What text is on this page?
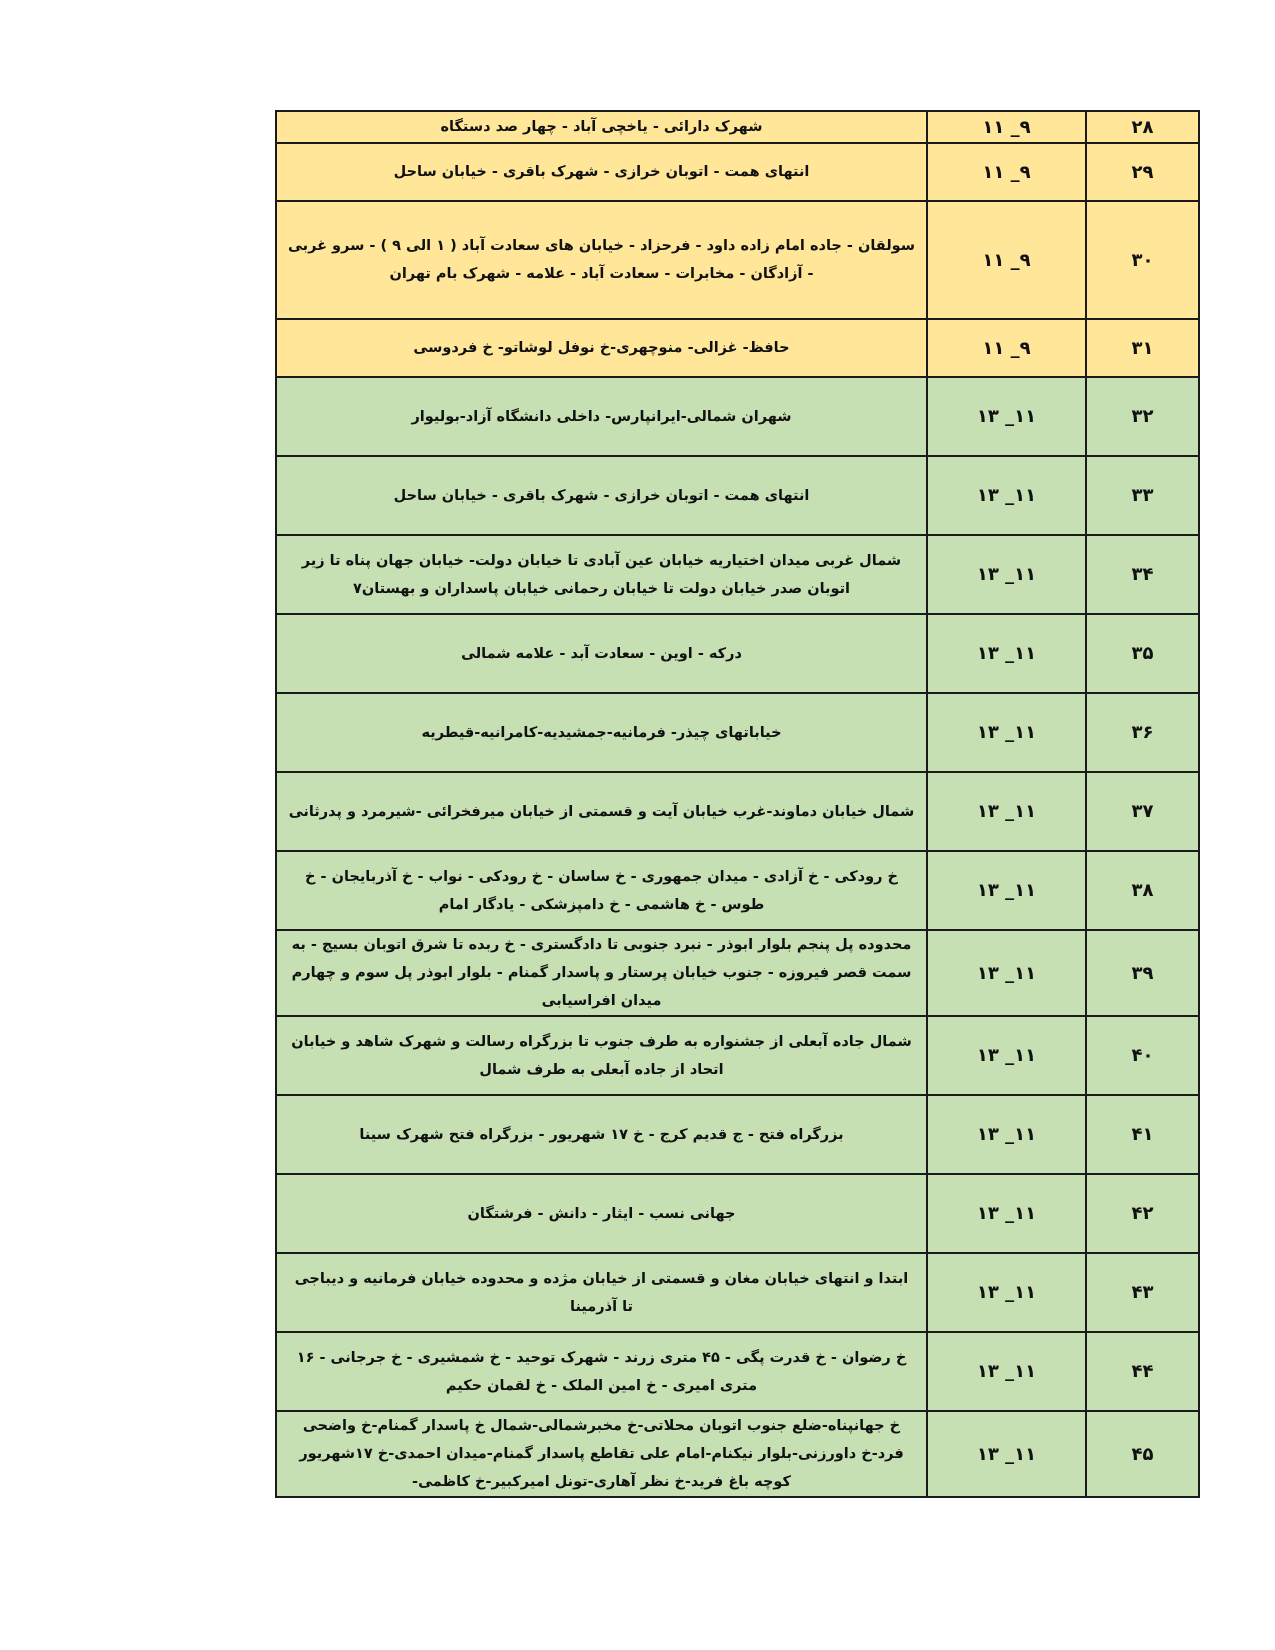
شهرک دارائی - یاخچی آباد - چهار صد دستگاه	۱۱ _۹	۲۸
انتهای همت - اتوبان خرازی - شهرک باقری - خیابان ساحل	۱۱ _۹	۲۹
سولقان - جاده امام زاده داود - فرحزاد - خیابان های سعادت آباد ( ۱ الی ۹ ) - سرو غربی - آزادگان - مخابرات - سعادت آباد - علامه - شهرک بام تهران	۱۱ _۹	۳۰
حافظ- غزالی- منوچهری-خ نوفل لوشاتو- خ فردوسی	۱۱ _۹	۳۱
شهران شمالی-ایرانپارس- داخلی دانشگاه آزاد-بولیوار	۱۳ _۱۱	۳۲
انتهای همت - اتوبان خرازی - شهرک باقری - خیابان ساحل	۱۳ _۱۱	۳۳
شمال غربی میدان اختیاریه خیابان عین آبادی تا خیابان دولت- خیابان جهان پناه تا زیر اتوبان صدر خیابان دولت تا خیابان رحمانی خیابان پاسداران و بهستان۷	۱۳ _۱۱	۳۴
درکه - اوین - سعادت آبد - علامه شمالی	۱۳ _۱۱	۳۵
خیاباتهای چیذر- فرمانیه-جمشیدیه-کامرانیه-قیطریه	۱۳ _۱۱	۳۶
شمال خیابان دماوند-غرب خیابان آیت و قسمتی از خیابان میرفخرائی -شیرمرد و پدرثانی	۱۳ _۱۱	۳۷
خ رودکی - خ آزادی - میدان جمهوری - خ ساسان - خ رودکی - نواب - خ آذربایجان - خ طوس - خ هاشمی - خ دامپزشکی - یادگار امام	۱۳ _۱۱	۳۸
محدوده پل پنجم بلوار ابوذر - نبرد جنوبی تا دادگستری - خ ربده تا شرق اتوبان بسیج - به سمت قصر فیروزه - جنوب خیابان پرستار و پاسدار گمنام - بلوار ابوذر پل سوم و چهارم میدان افراسیابی	۱۳ _۱۱	۳۹
شمال جاده آبعلی از جشنواره به طرف جنوب تا بزرگراه رسالت و شهرک شاهد و خیابان اتحاد از جاده آبعلی به طرف شمال	۱۳ _۱۱	۴۰
بزرگراه فتح - ج قدیم کرج - خ ۱۷ شهریور - بزرگراه فتح شهرک سینا	۱۳ _۱۱	۴۱
جهانی نسب - ایثار - دانش - فرشتگان	۱۳ _۱۱	۴۲
ابتدا و انتهای خیابان مغان و قسمتی از خیابان مژده و محدوده خیابان فرمانیه و دیباجی تا آذرمینا	۱۳ _۱۱	۴۳
خ رضوان - خ قدرت پگی - ۴۵ متری زرند - شهرک توحید - خ شمشیری - خ جرجانی - ۱۶ متری امیری - خ امین الملک - خ لقمان حکیم	۱۳ _۱۱	۴۴
خ جهانپناه-ضلع جنوب اتوبان محلاتی-خ مخبرشمالی-شمال خ پاسدار گمنام-خ واضحی فرد-خ داورزنی-بلوار نیکنام-امام علی تقاطع پاسدار گمنام-میدان احمدی-خ ۱۷شهریور کوچه باغ فرید-خ نظر آهاری-تونل امیرکبیر-خ کاظمی-	۱۳ _۱۱	۴۵
